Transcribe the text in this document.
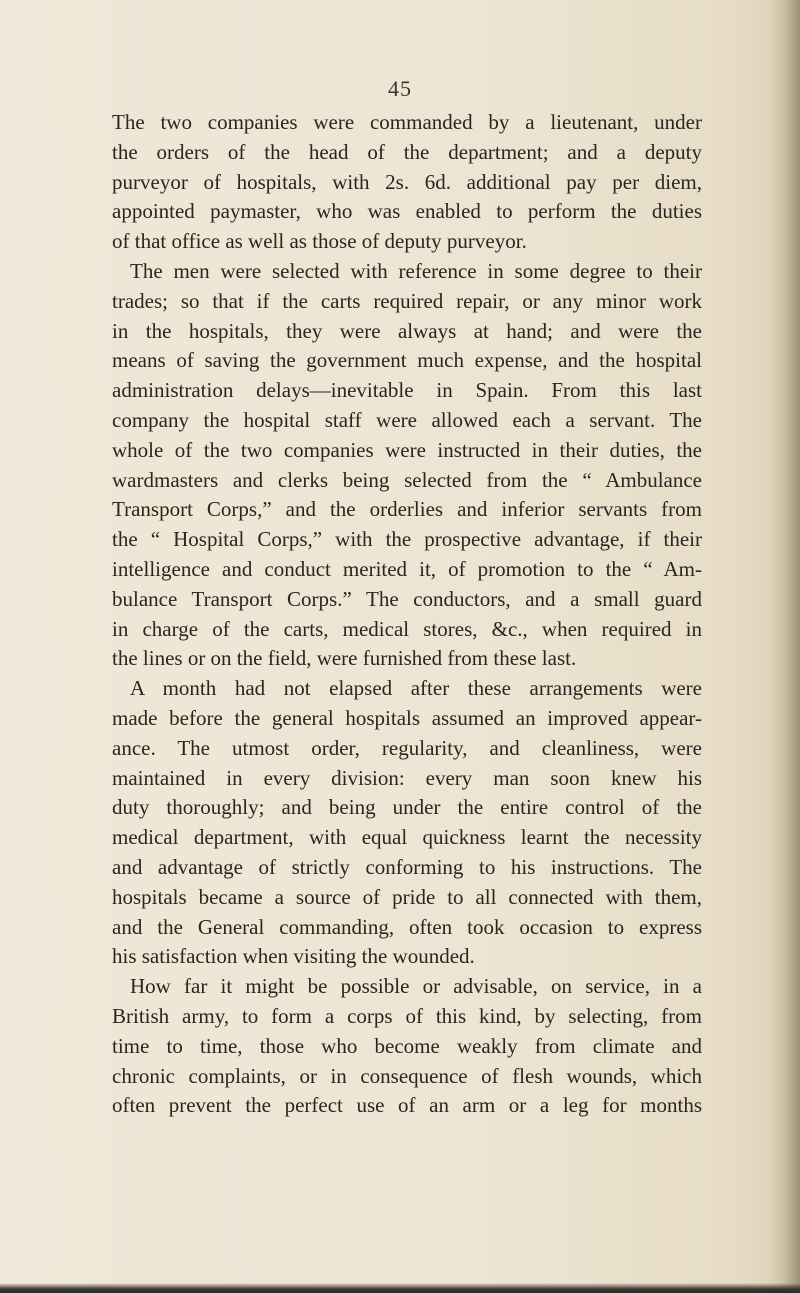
45
The two companies were commanded by a lieutenant, under
the orders of the head of the department; and a deputy
purveyor of hospitals, with 2s. 6d. additional pay per diem,
appointed paymaster, who was enabled to perform the duties
of that office as well as those of deputy purveyor.
The men were selected with reference in some degree to their
trades; so that if the carts required repair, or any minor work
in the hospitals, they were always at hand; and were the
means of saving the government much expense, and the hospital
administration delays—inevitable in Spain. From this last
company the hospital staff were allowed each a servant. The
whole of the two companies were instructed in their duties, the
wardmasters and clerks being selected from the “ Ambulance
Transport Corps,” and the orderlies and inferior servants from
the “ Hospital Corps,” with the prospective advantage, if their
intelligence and conduct merited it, of promotion to the “ Am-
bulance Transport Corps.” The conductors, and a small guard
in charge of the carts, medical stores, &c., when required in
the lines or on the field, were furnished from these last.
A month had not elapsed after these arrangements were
made before the general hospitals assumed an improved appear-
ance. The utmost order, regularity, and cleanliness, were
maintained in every division: every man soon knew his
duty thoroughly; and being under the entire control of the
medical department, with equal quickness learnt the necessity
and advantage of strictly conforming to his instructions. The
hospitals became a source of pride to all connected with them,
and the General commanding, often took occasion to express
his satisfaction when visiting the wounded.
How far it might be possible or advisable, on service, in a
British army, to form a corps of this kind, by selecting, from
time to time, those who become weakly from climate and
chronic complaints, or in consequence of flesh wounds, which
often prevent the perfect use of an arm or a leg for months
